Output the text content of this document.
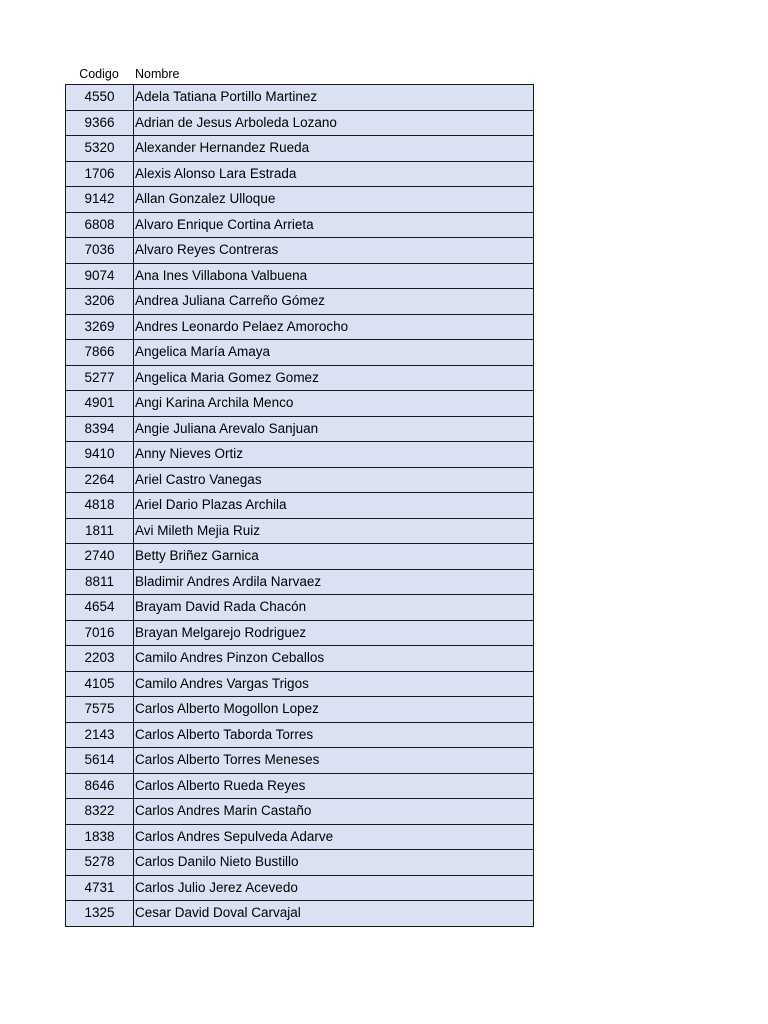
Codigo	Nombre
4550	Adela Tatiana Portillo Martinez
9366	Adrian de Jesus Arboleda Lozano
5320	Alexander Hernandez Rueda
1706	Alexis Alonso Lara Estrada
9142	Allan Gonzalez Ulloque
6808	Alvaro Enrique Cortina Arrieta
7036	Alvaro Reyes Contreras
9074	Ana Ines Villabona Valbuena
3206	Andrea Juliana Carreño Gómez
3269	Andres Leonardo Pelaez Amorocho
7866	Angelica María Amaya
5277	Angelica Maria Gomez Gomez
4901	Angi Karina Archila Menco
8394	Angie Juliana Arevalo Sanjuan
9410	Anny Nieves Ortiz
2264	Ariel Castro Vanegas
4818	Ariel Dario Plazas Archila
1811	Avi Mileth Mejia Ruiz
2740	Betty Briñez Garnica
8811	Bladimir Andres Ardila Narvaez
4654	Brayam David Rada Chacón
7016	Brayan Melgarejo Rodriguez
2203	Camilo Andres Pinzon Ceballos
4105	Camilo Andres Vargas Trigos
7575	Carlos Alberto Mogollon Lopez
2143	Carlos Alberto Taborda Torres
5614	Carlos Alberto Torres Meneses
8646	Carlos Alberto Rueda Reyes
8322	Carlos Andres Marin Castaño
1838	Carlos Andres Sepulveda Adarve
5278	Carlos Danilo Nieto Bustillo
4731	Carlos Julio Jerez Acevedo
1325	Cesar David Doval Carvajal
